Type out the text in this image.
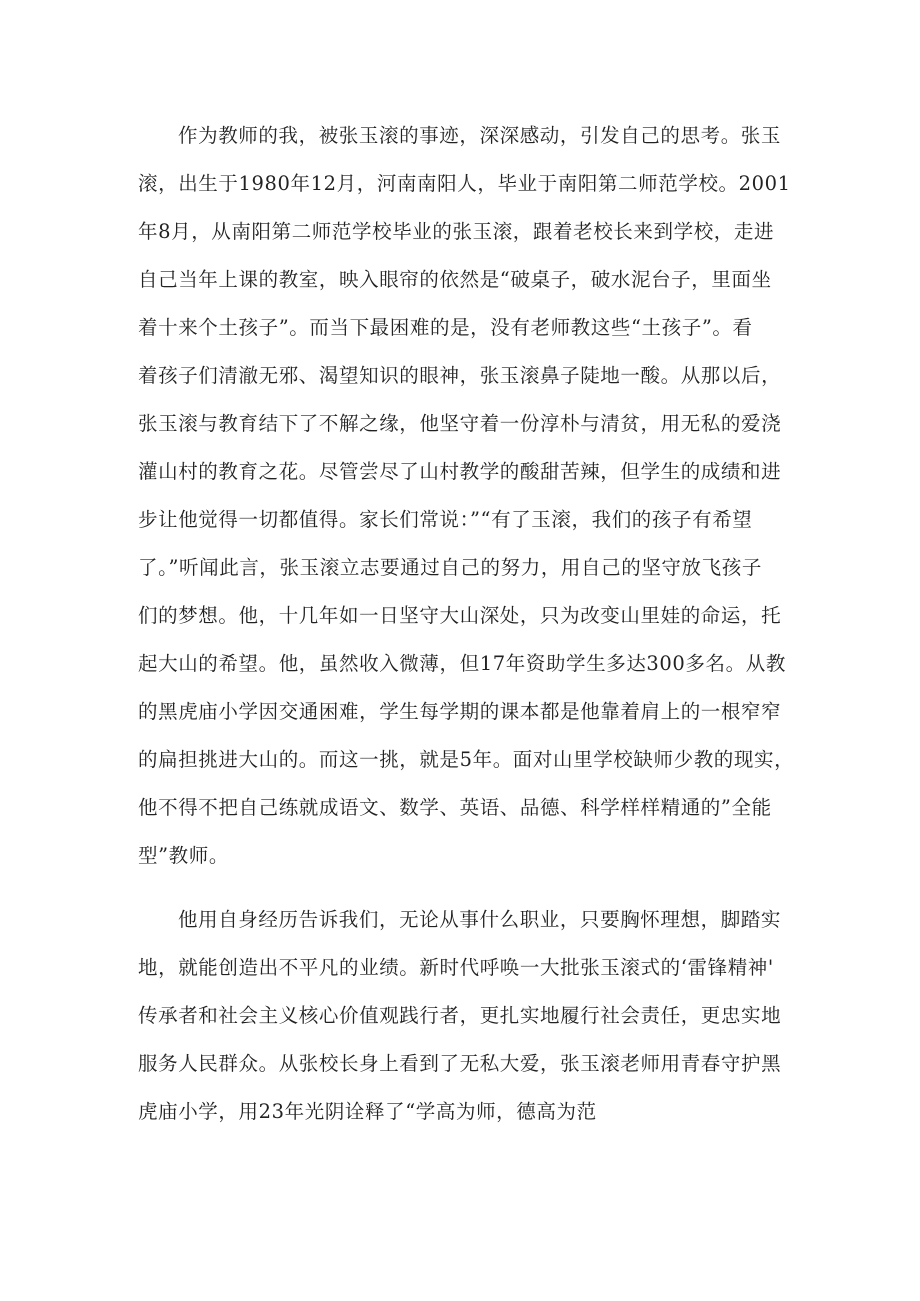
作为教师的我，被张玉滚的事迹，深深感动，引发自己的思考。张玉
滚，出生于1980年12月，河南南阳人，毕业于南阳第二师范学校。2001
年8月，从南阳第二师范学校毕业的张玉滚，跟着老校长来到学校，走进
自己当年上课的教室，映入眼帘的依然是“破桌子，破水泥台子，里面坐
着十来个土孩子”。而当下最困难的是，没有老师教这些“土孩子”。看
着孩子们清澈无邪、渴望知识的眼神，张玉滚鼻子陡地一酸。从那以后，
张玉滚与教育结下了不解之缘，他坚守着一份淳朴与清贫，用无私的爱浇
灌山村的教育之花。尽管尝尽了山村教学的酸甜苦辣，但学生的成绩和进
步让他觉得一切都值得。家长们常说：”“有了玉滚，我们的孩子有希望
了。”听闻此言，张玉滚立志要通过自己的努力，用自己的坚守放飞孩子
们的梦想。他，十几年如一日坚守大山深处，只为改变山里娃的命运，托
起大山的希望。他，虽然收入微薄，但17年资助学生多达300多名。从教
的黑虎庙小学因交通困难，学生每学期的课本都是他靠着肩上的一根窄窄
的扁担挑进大山的。而这一挑，就是5年。面对山里学校缺师少教的现实，
他不得不把自己练就成语文、数学、英语、品德、科学样样精通的”全能
型”教师。
他用自身经历告诉我们，无论从事什么职业，只要胸怀理想，脚踏实
地，就能创造出不平凡的业绩。新时代呼唤一大批张玉滚式的‘雷锋精神'
传承者和社会主义核心价值观践行者，更扎实地履行社会责任，更忠实地
服务人民群众。从张校长身上看到了无私大爱，张玉滚老师用青春守护黑
虎庙小学，用23年光阴诠释了“学高为师，德高为范
